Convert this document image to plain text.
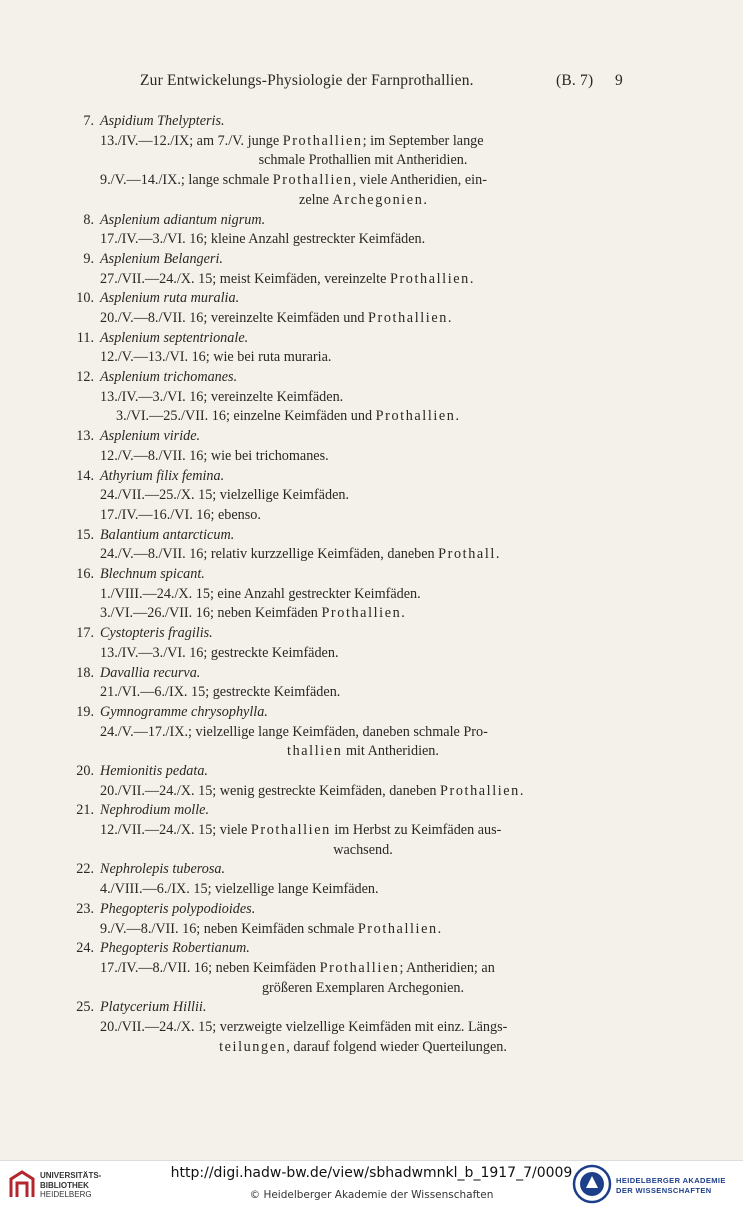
Zur Entwickelungs-Physiologie der Farnprothallien.	(B. 7) 9
7. Aspidium Thelypteris.
13./IV.—12./IX; am 7./V. junge Prothallien; im September lange
schmale Prothallien mit Antheridien.
9./V.—14./IX.; lange schmale Prothallien, viele Antheridien, ein-
zelne Archegonien.
8. Asplenium adiantum nigrum.
17./IV.—3./VI. 16; kleine Anzahl gestreckter Keimfäden.
9. Asplenium Belangeri.
27./VII.—24./X. 15; meist Keimfäden, vereinzelte Prothallien.
10. Asplenium ruta muralia.
20./V.—8./VII. 16; vereinzelte Keimfäden und Prothallien.
11. Asplenium septentrionale.
12./V.—13./VI. 16; wie bei ruta muraria.
12. Asplenium trichomanes.
13./IV.—3./VI. 16; vereinzelte Keimfäden.
3./VI.—25./VII. 16; einzelne Keimfäden und Prothallien.
13. Asplenium viride.
12./V.—8./VII. 16; wie bei trichomanes.
14. Athyrium filix femina.
24./VII.—25./X. 15; vielzellige Keimfäden.
17./IV.—16./VI. 16; ebenso.
15. Balantium antarcticum.
24./V.—8./VII. 16; relativ kurzzellige Keimfäden, daneben Prothall.
16. Blechnum spicant.
1./VIII.—24./X. 15; eine Anzahl gestreckter Keimfäden.
3./VI.—26./VII. 16; neben Keimfäden Prothallien.
17. Cystopteris fragilis.
13./IV.—3./VI. 16; gestreckte Keimfäden.
18. Davallia recurva.
21./VI.—6./IX. 15; gestreckte Keimfäden.
19. Gymnogramme chrysophylla.
24./V.—17./IX.; vielzellige lange Keimfäden, daneben schmale Pro-
thallien mit Antheridien.
20. Hemionitis pedata.
20./VII.—24./X. 15; wenig gestreckte Keimfäden, daneben Prothallien.
21. Nephrodium molle.
12./VII.—24./X. 15; viele Prothallien im Herbst zu Keimfäden aus-
wachsend.
22. Nephrolepis tuberosa.
4./VIII.—6./IX. 15; vielzellige lange Keimfäden.
23. Phegopteris polypodioides.
9./V.—8./VII. 16; neben Keimfäden schmale Prothallien.
24. Phegopteris Robertianum.
17./IV.—8./VII. 16; neben Keimfäden Prothallien; Antheridien; an
größeren Exemplaren Archegonien.
25. Platycerium Hillii.
20./VII.—24./X. 15; verzweigte vielzellige Keimfäden mit einz. Längs-
teilungen, darauf folgend wieder Querteilungen.
UNIVERSITÄTS-
BIBLIOTHEK
HEIDELBERG
http://digi.hadw-bw.de/view/sbhadwmnkl_b_1917_7/0009
© Heidelberger Akademie der Wissenschaften
HEIDELBERGER AKADEMIE
DER WISSENSCHAFTEN
